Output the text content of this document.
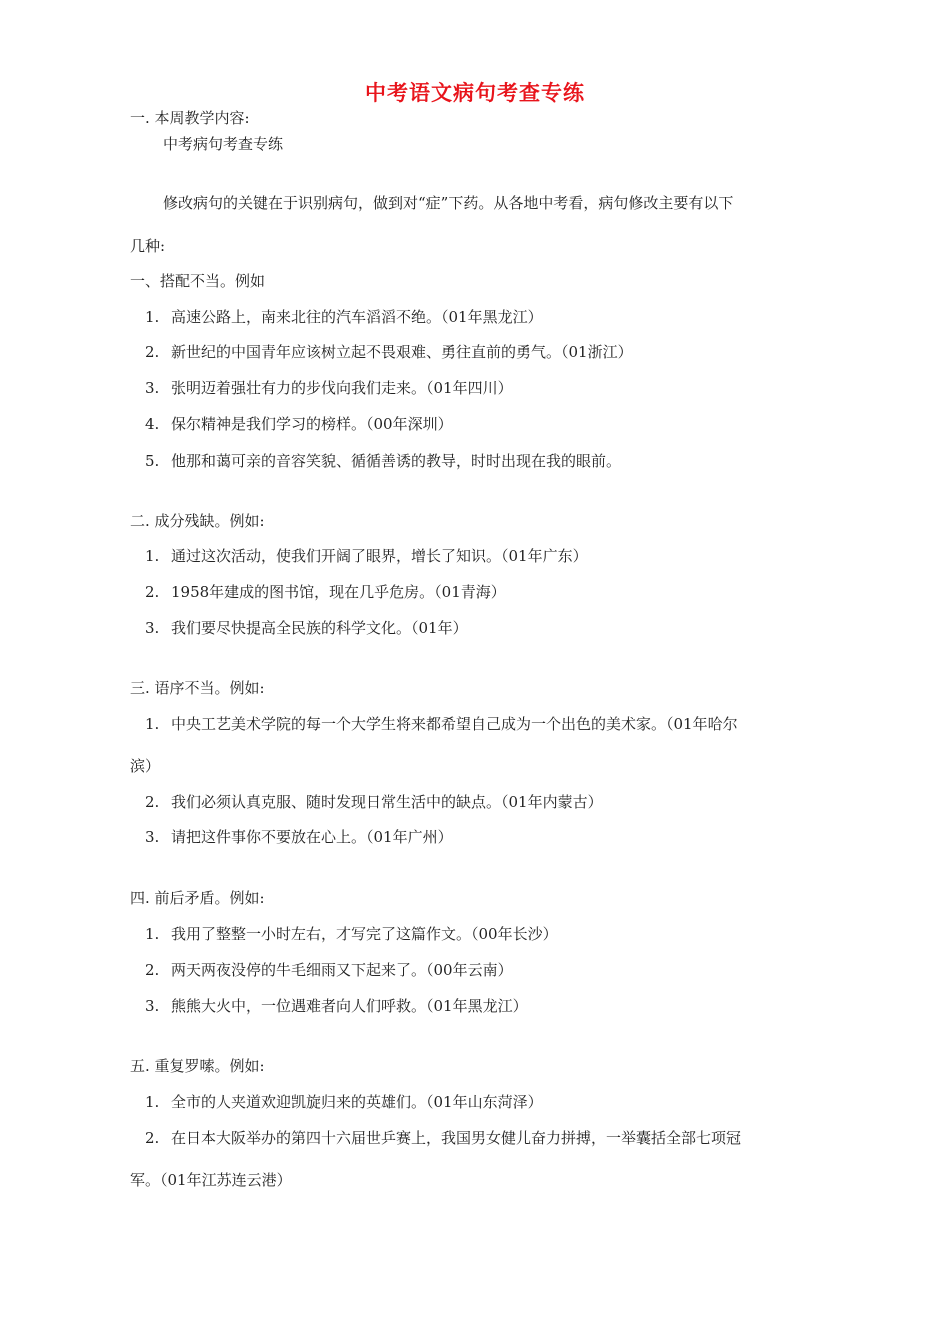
中考语文病句考查专练
一. 本周教学内容:
中考病句考查专练
修改病句的关键在于识别病句，做到对“症”下药。从各地中考看，病句修改主要有以下
几种:
一、搭配不当。例如
1. 高速公路上，南来北往的汽车滔滔不绝。（01年黑龙江）
2. 新世纪的中国青年应该树立起不畏艰难、勇往直前的勇气。（01浙江）
3. 张明迈着强壮有力的步伐向我们走来。（01年四川）
4. 保尔精神是我们学习的榜样。（00年深圳）
5. 他那和蔼可亲的音容笑貌、循循善诱的教导，时时出现在我的眼前。
二. 成分残缺。例如:
1. 通过这次活动，使我们开阔了眼界，增长了知识。（01年广东）
2. 1958年建成的图书馆，现在几乎危房。（01青海）
3. 我们要尽快提高全民族的科学文化。（01年）
三. 语序不当。例如:
1. 中央工艺美术学院的每一个大学生将来都希望自己成为一个出色的美术家。（01年哈尔
滨）
2. 我们必须认真克服、随时发现日常生活中的缺点。（01年内蒙古）
3. 请把这件事你不要放在心上。（01年广州）
四. 前后矛盾。例如:
1. 我用了整整一小时左右，才写完了这篇作文。（00年长沙）
2. 两天两夜没停的牛毛细雨又下起来了。（00年云南）
3. 熊熊大火中，一位遇难者向人们呼救。（01年黑龙江）
五. 重复罗嗦。例如:
1. 全市的人夹道欢迎凯旋归来的英雄们。（01年山东菏泽）
2. 在日本大阪举办的第四十六届世乒赛上，我国男女健儿奋力拼搏，一举囊括全部七项冠
军。（01年江苏连云港）
